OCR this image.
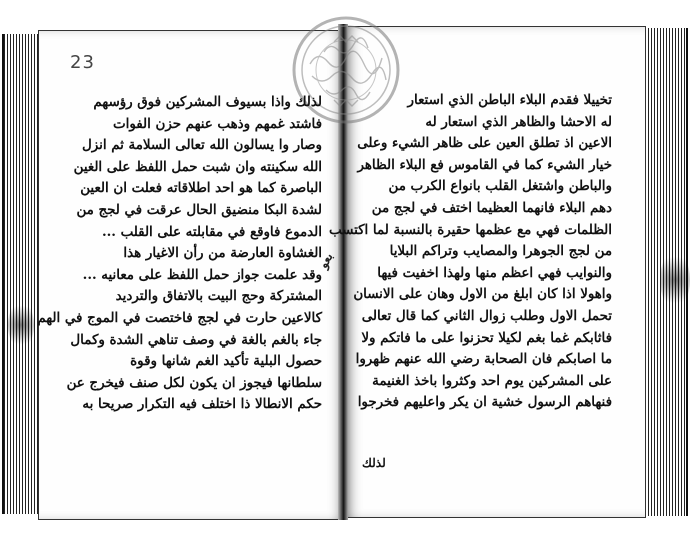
23
لذلك واذا بسيوف المشركين فوق رؤسهم
فاشتد غمهم وذهب عنهم حزن الفوات
وصار وا يسالون الله تعالى السلامة ثم انزل
الله سكينته وان شبت حمل اللفظ على الغين
الباصرة كما هو احد اطلاقاته فعلت ان العين
لشدة البكا منضيق الحال عرقت في لجج من
الدموع فاوقع في مقابلته على القلب ...
الغشاوة العارضة من رأن الاغيار هذا
وقد علمت جواز حمل اللفظ على معانيه ...
المشتركة وحج البيت بالاتفاق والترديد
كالاعين حارت في لجج فاختصت في الموج في الهم
جاء بالغم بالغة في وصف تناهي الشدة وكمال
حصول البلية تأكيد الغم شانها وقوة
سلطانها فيجوز ان يكون لكل صنف فيخرج عن
حكم الانطالا ذا اختلف فيه التكرار صريحا به
تخييلا فقدم البلاء الباطن الذي استعار
له الاحشا والظاهر الذي استعار له
الاعين اذ تطلق العين على ظاهر الشيء وعلى
خيار الشيء كما في القاموس فع البلاء الظاهر
والباطن واشتغل القلب بانواع الكرب من
دهم البلاء فانهما العظيما اختف في لجج من
الظلمات فهي مع عظمها حقيرة بالنسبة لما اكتسب
من لجج الجوهرا والمصايب وتراكم البلايا
والنوايب فهي اعظم منها ولهذا اخفيت فيها
واهولا اذا كان ابلغ من الاول وهان على الانسان
تحمل الاول وطلب زوال الثاني كما قال تعالى
فاثابكم غما بغم لكيلا تحزنوا على ما فاتكم ولا
ما اصابكم فان الصحابة رضي الله عنهم ظهروا
على المشركين يوم احد وكثروا باخذ الغنيمة
فنهاهم الرسول خشية ان يكر واعليهم فخرجوا
بعو
لذلك
